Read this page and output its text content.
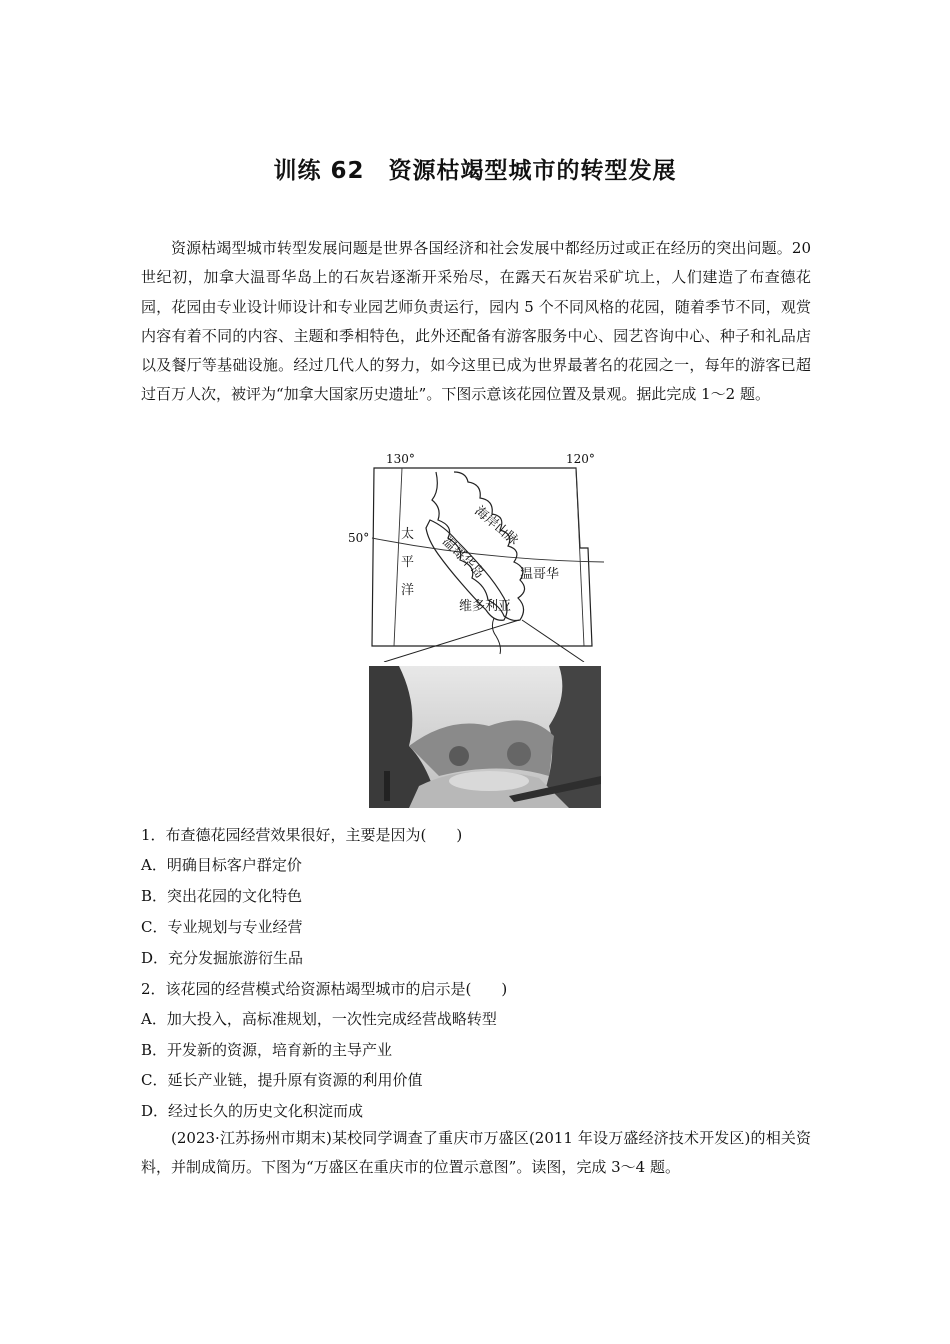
训练 62　资源枯竭型城市的转型发展

资源枯竭型城市转型发展问题是世界各国经济和社会发展中都经历过或正在经历的突出问题。20 世纪初，加拿大温哥华岛上的石灰岩逐渐开采殆尽，在露天石灰岩采矿坑上，人们建造了布查德花园，花园由专业设计师设计和专业园艺师负责运行，园内 5 个不同风格的花园，随着季节不同，观赏内容有着不同的内容、主题和季相特色，此外还配备有游客服务中心、园艺咨询中心、种子和礼品店以及餐厅等基础设施。经过几代人的努力，如今这里已成为世界最著名的花园之一，每年的游客已超过百万人次，被评为“加拿大国家历史遗址”。下图示意该花园位置及景观。据此完成 1～2 题。

130°	120°
50°	海岸山脉
太
平
洋
温哥华岛	温哥华
维多利亚
1．布查德花园经营效果很好，主要是因为(　　)
A．明确目标客户群定价
B．突出花园的文化特色
C．专业规划与专业经营
D．充分发掘旅游衍生品
2．该花园的经营模式给资源枯竭型城市的启示是(　　)
A．加大投入，高标准规划，一次性完成经营战略转型
B．开发新的资源，培育新的主导产业
C．延长产业链，提升原有资源的利用价值
D．经过长久的历史文化积淀而成

(2023·江苏扬州市期末)某校同学调查了重庆市万盛区(2011 年设万盛经济技术开发区)的相关资料，并制成简历。下图为“万盛区在重庆市的位置示意图”。读图，完成 3～4 题。
